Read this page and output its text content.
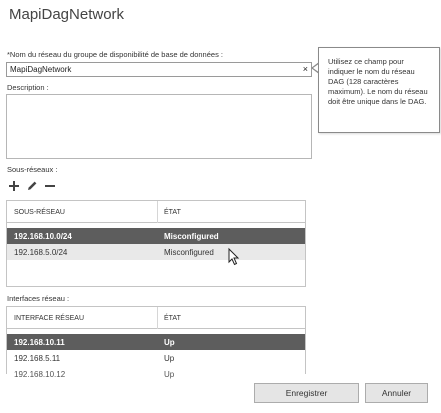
MapiDagNetwork
*Nom du réseau du groupe de disponibilité de base de données :
MapiDagNetwork	×
Utilisez ce champ pour indiquer le nom du réseau DAG (128 caractères maximum). Le nom du réseau doit être unique dans le DAG.
Description :
Sous-réseaux :
SOUS-RÉSEAU	ÉTAT
192.168.10.0/24	Misconfigured
192.168.5.0/24	Misconfigured
Interfaces réseau :
INTERFACE RÉSEAU	ÉTAT
192.168.10.11	Up
192.168.5.11	Up
192.168.10.12	Up
Enregistrer	Annuler
